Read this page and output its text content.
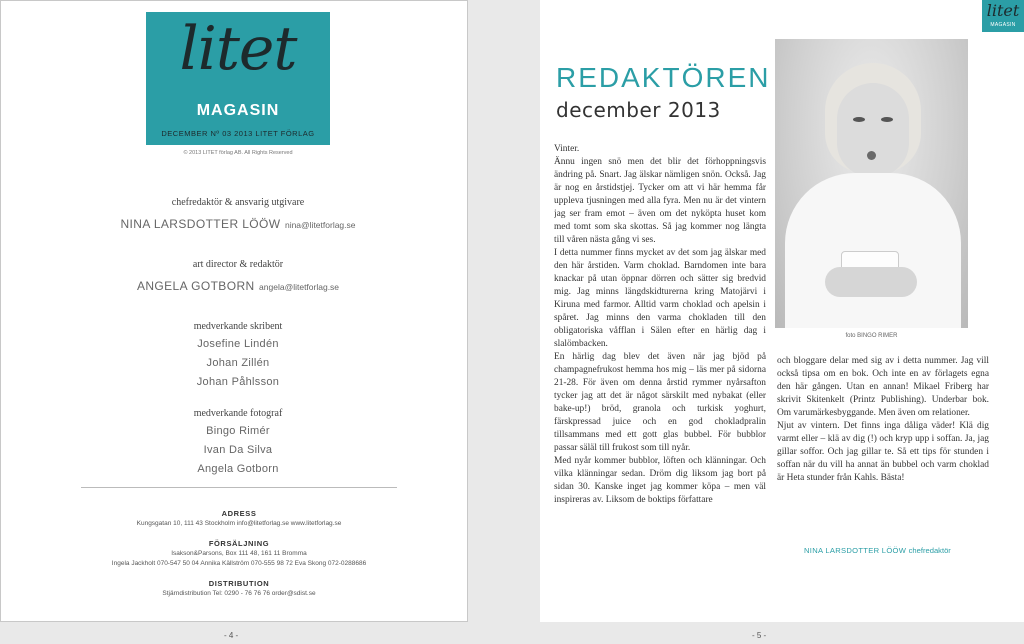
litet
MAGASIN
DECEMBER Nº 03 2013 LITET FÖRLAG
© 2013 LITET förlag AB. All Rights Reserved
chefredaktör & ansvarig utgivare
NINA LARSDOTTER LÖÖW nina@litetforlag.se
art director & redaktör
ANGELA GOTBORN angela@litetforlag.se
medverkande skribent
Josefine Lindén
Johan Zillén
Johan Påhlsson
medverkande fotograf
Bingo Rimér
Ivan Da Silva
Angela Gotborn
ADRESS
Kungsgatan 10, 111 43 Stockholm info@litetforlag.se www.litetforlag.se
FÖRSÄLJNING
Isakson&Parsons, Box 111 48, 161 11 Bromma
Ingela Jackholt 070-547 50 04 Annika Källström 070-555 98 72 Eva Skong 072-0288686
DISTRIBUTION
Stjärndistribution Tel: 0290 - 76 76 76 order@sdist.se
- 4 -
litet
MAGASIN
REDAKTÖREN
december 2013

Vinter.

Ännu ingen snö men det blir det förhoppningsvis ändring på. Snart. Jag älskar nämligen snön. Också. Jag är nog en årstidstjej. Tycker om att vi här hemma får uppleva tjusningen med alla fyra. Men nu är det vintern jag ser fram emot – även om det nyköpta huset kom med tomt som ska skottas. Så jag kommer nog längta till våren nästa gång vi ses.

I detta nummer finns mycket av det som jag älskar med den här årstiden. Varm choklad. Barndomen inte bara knackar på utan öppnar dörren och sätter sig bredvid mig. Jag minns längdskidturerna kring Matojärvi i Kiruna med farmor. Alltid varm choklad och apelsin i spåret. Jag minns den varma chokladen till den obligatoriska våfflan i Sälen efter en härlig dag i slalömbacken.

En härlig dag blev det även när jag bjöd på champagnefrukost hemma hos mig – läs mer på sidorna 21-28. För även om denna årstid rymmer nyårsafton tycker jag att det är något särskilt med nybakat (eller bake-up!) bröd, granola och turkisk yoghurt, färskpressad juice och en god chokladpralin tillsammans med ett gott glas bubbel. För bubblor passar säläl till frukost som till nyår.

Med nyår kommer bubblor, löften och klänningar. Och vilka klänningar sedan. Dröm dig liksom jag bort på sidan 30. Kanske inget jag kommer köpa – men väl inspireras av. Liksom de boktips författare

foto BINGO RIMER

och bloggare delar med sig av i detta nummer. Jag vill också tipsa om en bok. Och inte en av förlagets egna den här gången. Utan en annan! Mikael Friberg har skrivit Skitenkelt (Printz Publishing). Underbar bok. Om varumärkesbyggande. Men även om relationer.

Njut av vintern. Det finns inga dåliga väder! Klä dig varmt eller – klä av dig (!) och kryp upp i soffan. Ja, jag gillar soffor. Och jag gillar te. Så ett tips för stunden i soffan när du vill ha annat än bubbel och varm choklad är Heta stunder från Kahls. Bästa!

NINA LARSDOTTER LÖÖW chefredaktör
- 5 -
